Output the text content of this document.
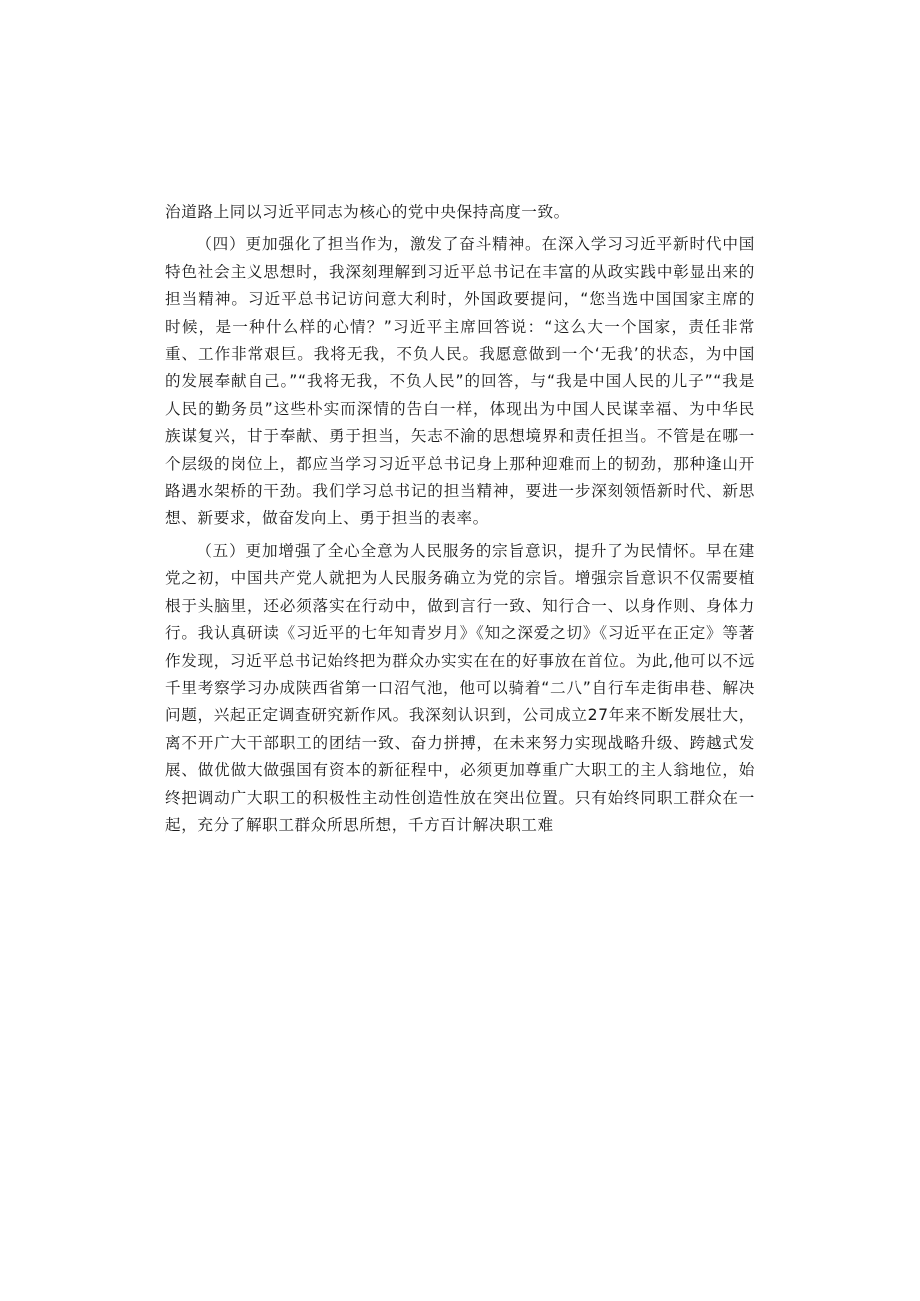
治道路上同以习近平同志为核心的党中央保持高度一致。

（四）更加强化了担当作为，激发了奋斗精神。在深入学习习近平新时代中国特色社会主义思想时，我深刻理解到习近平总书记在丰富的从政实践中彰显出来的担当精神。习近平总书记访问意大利时，外国政要提问，“您当选中国国家主席的时候，是一种什么样的心情？”习近平主席回答说：“这么大一个国家，责任非常重、工作非常艰巨。我将无我，不负人民。我愿意做到一个‘无我’的状态，为中国的发展奉献自己。”“我将无我，不负人民”的回答，与“我是中国人民的儿子”“我是人民的勤务员”这些朴实而深情的告白一样，体现出为中国人民谋幸福、为中华民族谋复兴，甘于奉献、勇于担当，矢志不渝的思想境界和责任担当。不管是在哪一个层级的岗位上，都应当学习习近平总书记身上那种迎难而上的韧劲，那种逢山开路遇水架桥的干劲。我们学习总书记的担当精神，要进一步深刻领悟新时代、新思想、新要求，做奋发向上、勇于担当的表率。

（五）更加增强了全心全意为人民服务的宗旨意识，提升了为民情怀。早在建党之初，中国共产党人就把为人民服务确立为党的宗旨。增强宗旨意识不仅需要植根于头脑里，还必须落实在行动中，做到言行一致、知行合一、以身作则、身体力行。我认真研读《习近平的七年知青岁月》《知之深爱之切》《习近平在正定》等著作发现，习近平总书记始终把为群众办实实在在的好事放在首位。为此,他可以不远千里考察学习办成陕西省第一口沼气池，他可以骑着“二八”自行车走街串巷、解决问题，兴起正定调查研究新作风。我深刻认识到，公司成立27年来不断发展壮大，离不开广大干部职工的团结一致、奋力拼搏，在未来努力实现战略升级、跨越式发展、做优做大做强国有资本的新征程中，必须更加尊重广大职工的主人翁地位，始终把调动广大职工的积极性主动性创造性放在突出位置。只有始终同职工群众在一起，充分了解职工群众所思所想，千方百计解决职工难
